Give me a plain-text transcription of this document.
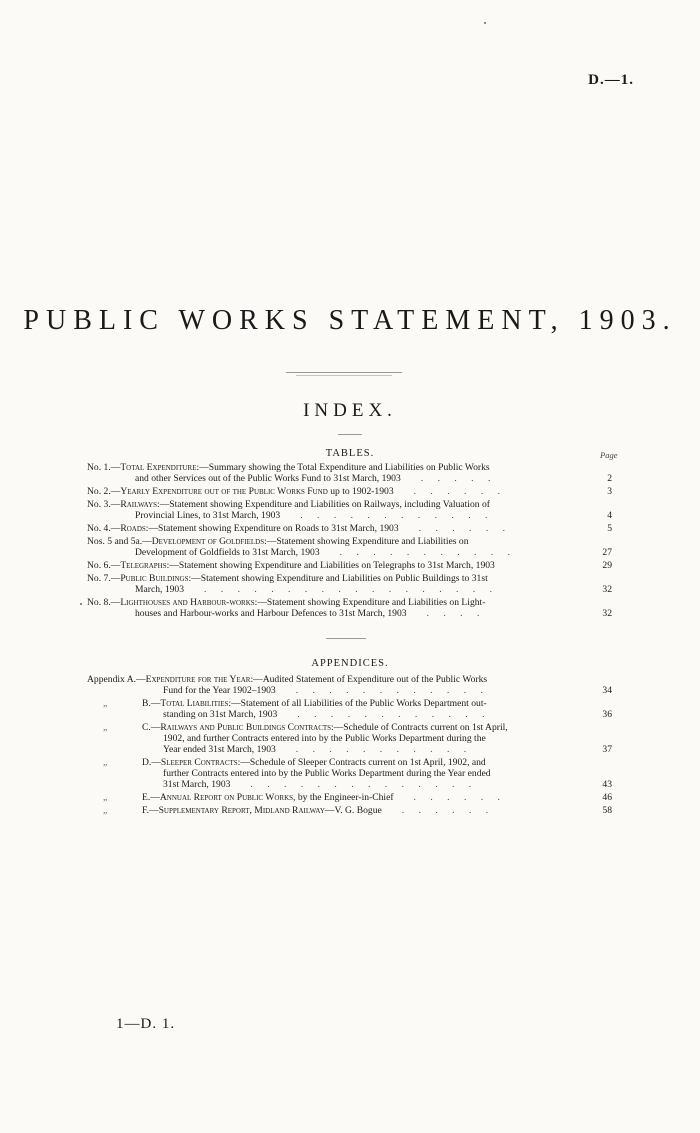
D.—1.
PUBLIC WORKS STATEMENT, 1903.
INDEX.
TABLES.	Page
No. 1.—Total Expenditure:—Summary showing the Total Expenditure and Liabilities on Public Works
and other Services out of the Public Works Fund to 31st March, 1903 . . . . .	2
No. 2.—Yearly Expenditure out of the Public Works Fund up to 1902-1903 . . . . . .	3
No. 3.—Railways:—Statement showing Expenditure and Liabilities on Railways, including Valuation of
Provincial Lines, to 31st March, 1903 . . . . . . . . . . . .	4
No. 4.—Roads:—Statement showing Expenditure on Roads to 31st March, 1903 . . . . . .	5
Nos. 5 and 5a.—Development of Goldfields:—Statement showing Expenditure and Liabilities on
Development of Goldfields to 31st March, 1903 . . . . . . . . . . .	27
No. 6.—Telegraphs:—Statement showing Expenditure and Liabilities on Telegraphs to 31st March, 1903	29
No. 7.—Public Buildings:—Statement showing Expenditure and Liabilities on Public Buildings to 31st
March, 1903 . . . . . . . . . . . . . . . . . .	32
No. 8.—Lighthouses and Harbour-works:—Statement showing Expenditure and Liabilities on Light-
houses and Harbour-works and Harbour Defences to 31st March, 1903 . . . .	32
APPENDICES.
Appendix A.—Expenditure for the Year:—Audited Statement of Expenditure out of the Public Works
Fund for the Year 1902–1903 . . . . . . . . . . . .	34
„	B.—Total Liabilities:—Statement of all Liabilities of the Public Works Department out-
standing on 31st March, 1903 . . . . . . . . . . . .	36
„	C.—Railways and Public Buildings Contracts:—Schedule of Contracts current on 1st April,
1902, and further Contracts entered into by the Public Works Department during the
Year ended 31st March, 1903 . . . . . . . . . . .	37
„	D.—Sleeper Contracts:—Schedule of Sleeper Contracts current on 1st April, 1902, and
further Contracts entered into by the Public Works Department during the Year ended
31st March, 1903 . . . . . . . . . . . . . .	43
„	E.—Annual Report on Public Works, by the Engineer-in-Chief . . . . . .	46
„	F.—Supplementary Report, Midland Railway—V. G. Bogue . . . . . .	58
1—D. 1.
